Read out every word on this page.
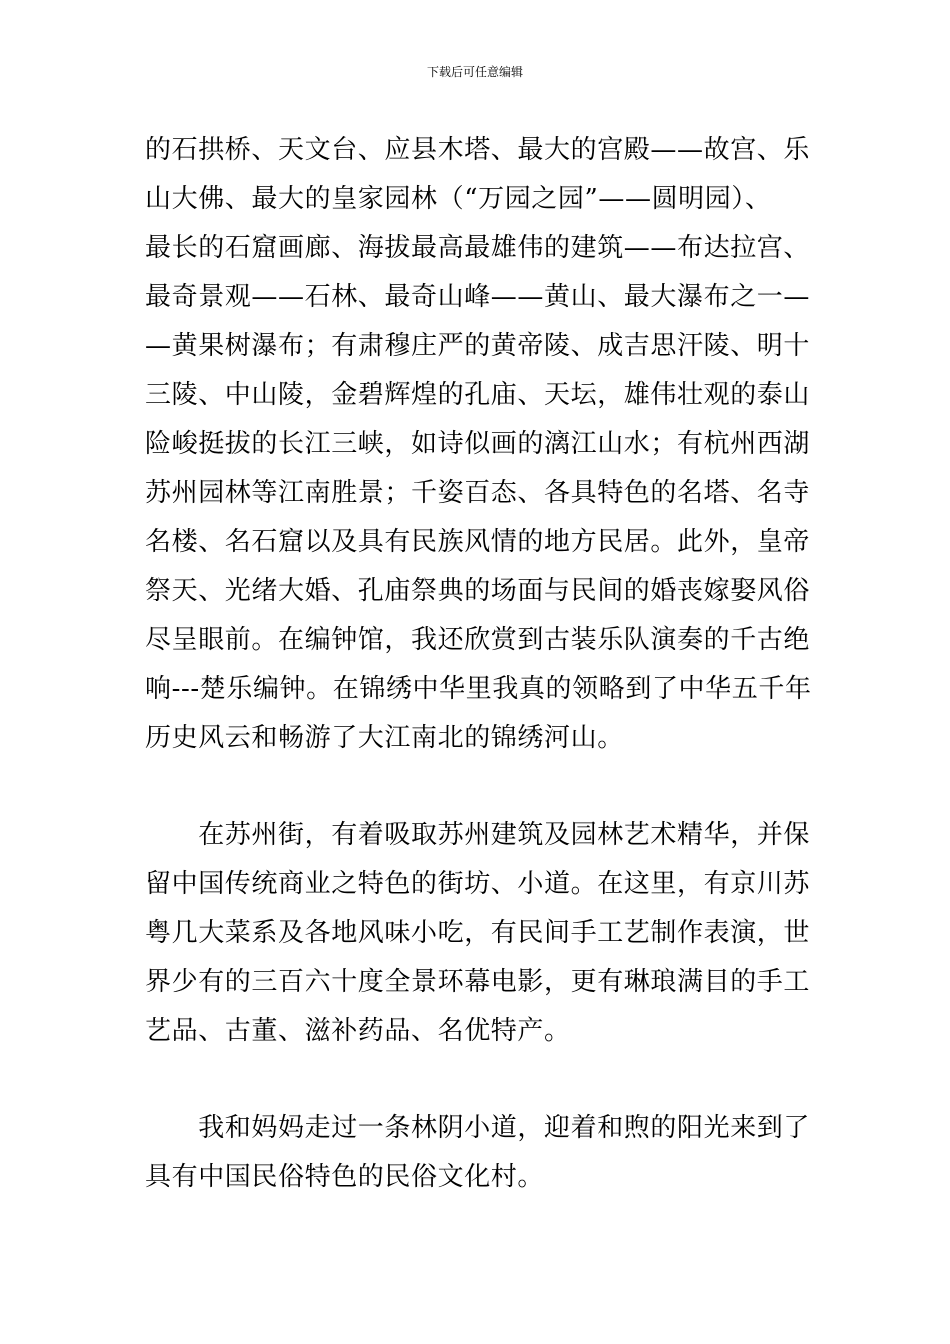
下载后可任意编辑
的石拱桥、天文台、应县木塔、最大的宫殿——故宫、乐
山大佛、最大的皇家园林（“万园之园”——圆明园）、
最长的石窟画廊、海拔最高最雄伟的建筑——布达拉宫、
最奇景观——石林、最奇山峰——黄山、最大瀑布之一—
—黄果树瀑布；有肃穆庄严的黄帝陵、成吉思汗陵、明十
三陵、中山陵，金碧辉煌的孔庙、天坛，雄伟壮观的泰山
险峻挺拔的长江三峡，如诗似画的漓江山水；有杭州西湖
苏州园林等江南胜景；千姿百态、各具特色的名塔、名寺
名楼、名石窟以及具有民族风情的地方民居。此外，皇帝
祭天、光绪大婚、孔庙祭典的场面与民间的婚丧嫁娶风俗
尽呈眼前。在编钟馆，我还欣赏到古装乐队演奏的千古绝
响---楚乐编钟。在锦绣中华里我真的领略到了中华五千年
历史风云和畅游了大江南北的锦绣河山。
　　在苏州街，有着吸取苏州建筑及园林艺术精华，并保
留中国传统商业之特色的街坊、小道。在这里，有京川苏
粤几大菜系及各地风味小吃，有民间手工艺制作表演，世
界少有的三百六十度全景环幕电影，更有琳琅满目的手工
艺品、古董、滋补药品、名优特产。
　　我和妈妈走过一条林阴小道，迎着和煦的阳光来到了
具有中国民俗特色的民俗文化村。
